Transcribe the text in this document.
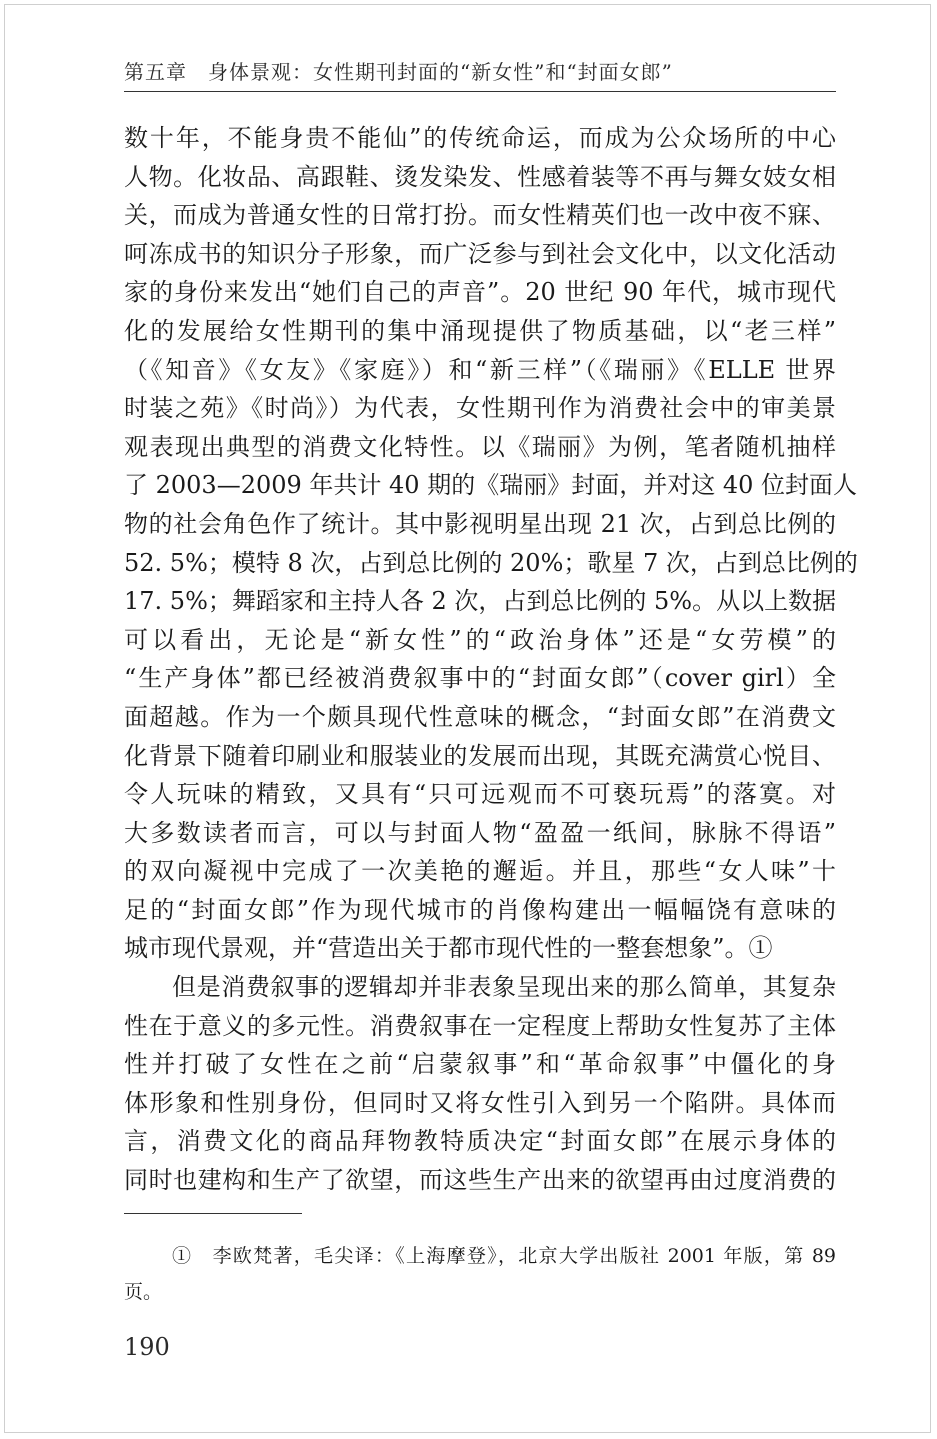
第五章　身体景观：女性期刊封面的“新女性”和“封面女郎”
数十年，不能身贵不能仙”的传统命运，而成为公众场所的中心
人物。化妆品、高跟鞋、烫发染发、性感着装等不再与舞女妓女相
关，而成为普通女性的日常打扮。而女性精英们也一改中夜不寐、
呵冻成书的知识分子形象，而广泛参与到社会文化中，以文化活动
家的身份来发出“她们自己的声音”。20 世纪 90 年代，城市现代
化的发展给女性期刊的集中涌现提供了物质基础，以“老三样”
（《知音》《女友》《家庭》）和“新三样”（《瑞丽》《ELLE 世界
时装之苑》《时尚》）为代表，女性期刊作为消费社会中的审美景
观表现出典型的消费文化特性。以《瑞丽》为例，笔者随机抽样
了 2003—2009 年共计 40 期的《瑞丽》封面，并对这 40 位封面人
物的社会角色作了统计。其中影视明星出现 21 次，占到总比例的
52. 5%；模特 8 次，占到总比例的 20%；歌星 7 次，占到总比例的
17. 5%；舞蹈家和主持人各 2 次，占到总比例的 5%。从以上数据
可以看出，无论是“新女性”的“政治身体”还是“女劳模”的
“生产身体”都已经被消费叙事中的“封面女郎”（cover girl）全
面超越。作为一个颇具现代性意味的概念，“封面女郎”在消费文
化背景下随着印刷业和服装业的发展而出现，其既充满赏心悦目、
令人玩味的精致，又具有“只可远观而不可亵玩焉”的落寞。对
大多数读者而言，可以与封面人物“盈盈一纸间，脉脉不得语”
的双向凝视中完成了一次美艳的邂逅。并且，那些“女人味”十
足的“封面女郎”作为现代城市的肖像构建出一幅幅饶有意味的
城市现代景观，并“营造出关于都市现代性的一整套想象”。①
但是消费叙事的逻辑却并非表象呈现出来的那么简单，其复杂
性在于意义的多元性。消费叙事在一定程度上帮助女性复苏了主体
性并打破了女性在之前“启蒙叙事”和“革命叙事”中僵化的身
体形象和性别身份，但同时又将女性引入到另一个陷阱。具体而
言，消费文化的商品拜物教特质决定“封面女郎”在展示身体的
同时也建构和生产了欲望，而这些生产出来的欲望再由过度消费的
①　李欧梵著，毛尖译：《上海摩登》，北京大学出版社 2001 年版，第 89
页。
190
